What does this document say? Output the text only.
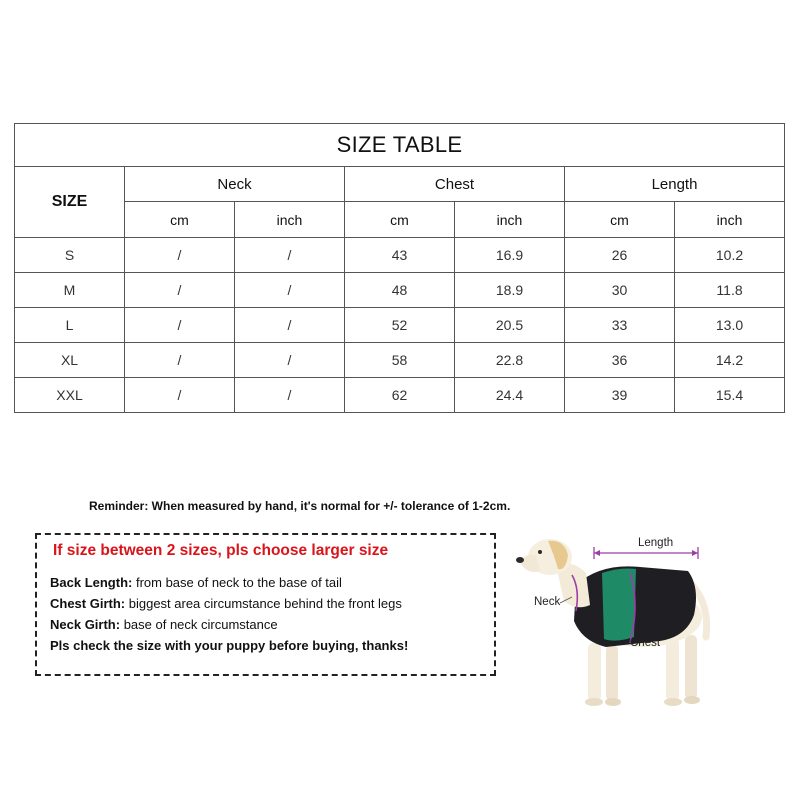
SIZE TABLE						
SIZE	Neck		Chest		Length	
	cm	inch	cm	inch	cm	inch
S	/	/	43	16.9	26	10.2
M	/	/	48	18.9	30	11.8
L	/	/	52	20.5	33	13.0
XL	/	/	58	22.8	36	14.2
XXL	/	/	62	24.4	39	15.4
Reminder: When measured by hand, it's normal for +/- tolerance of 1-2cm.
If size between 2 sizes, pls choose larger size
Back Length: from base of neck to the base of tail
Chest Girth: biggest area circumstance behind the front legs
Neck Girth: base of neck circumstance
Pls check the size with your puppy before buying, thanks!
Length
Neck
Chest
